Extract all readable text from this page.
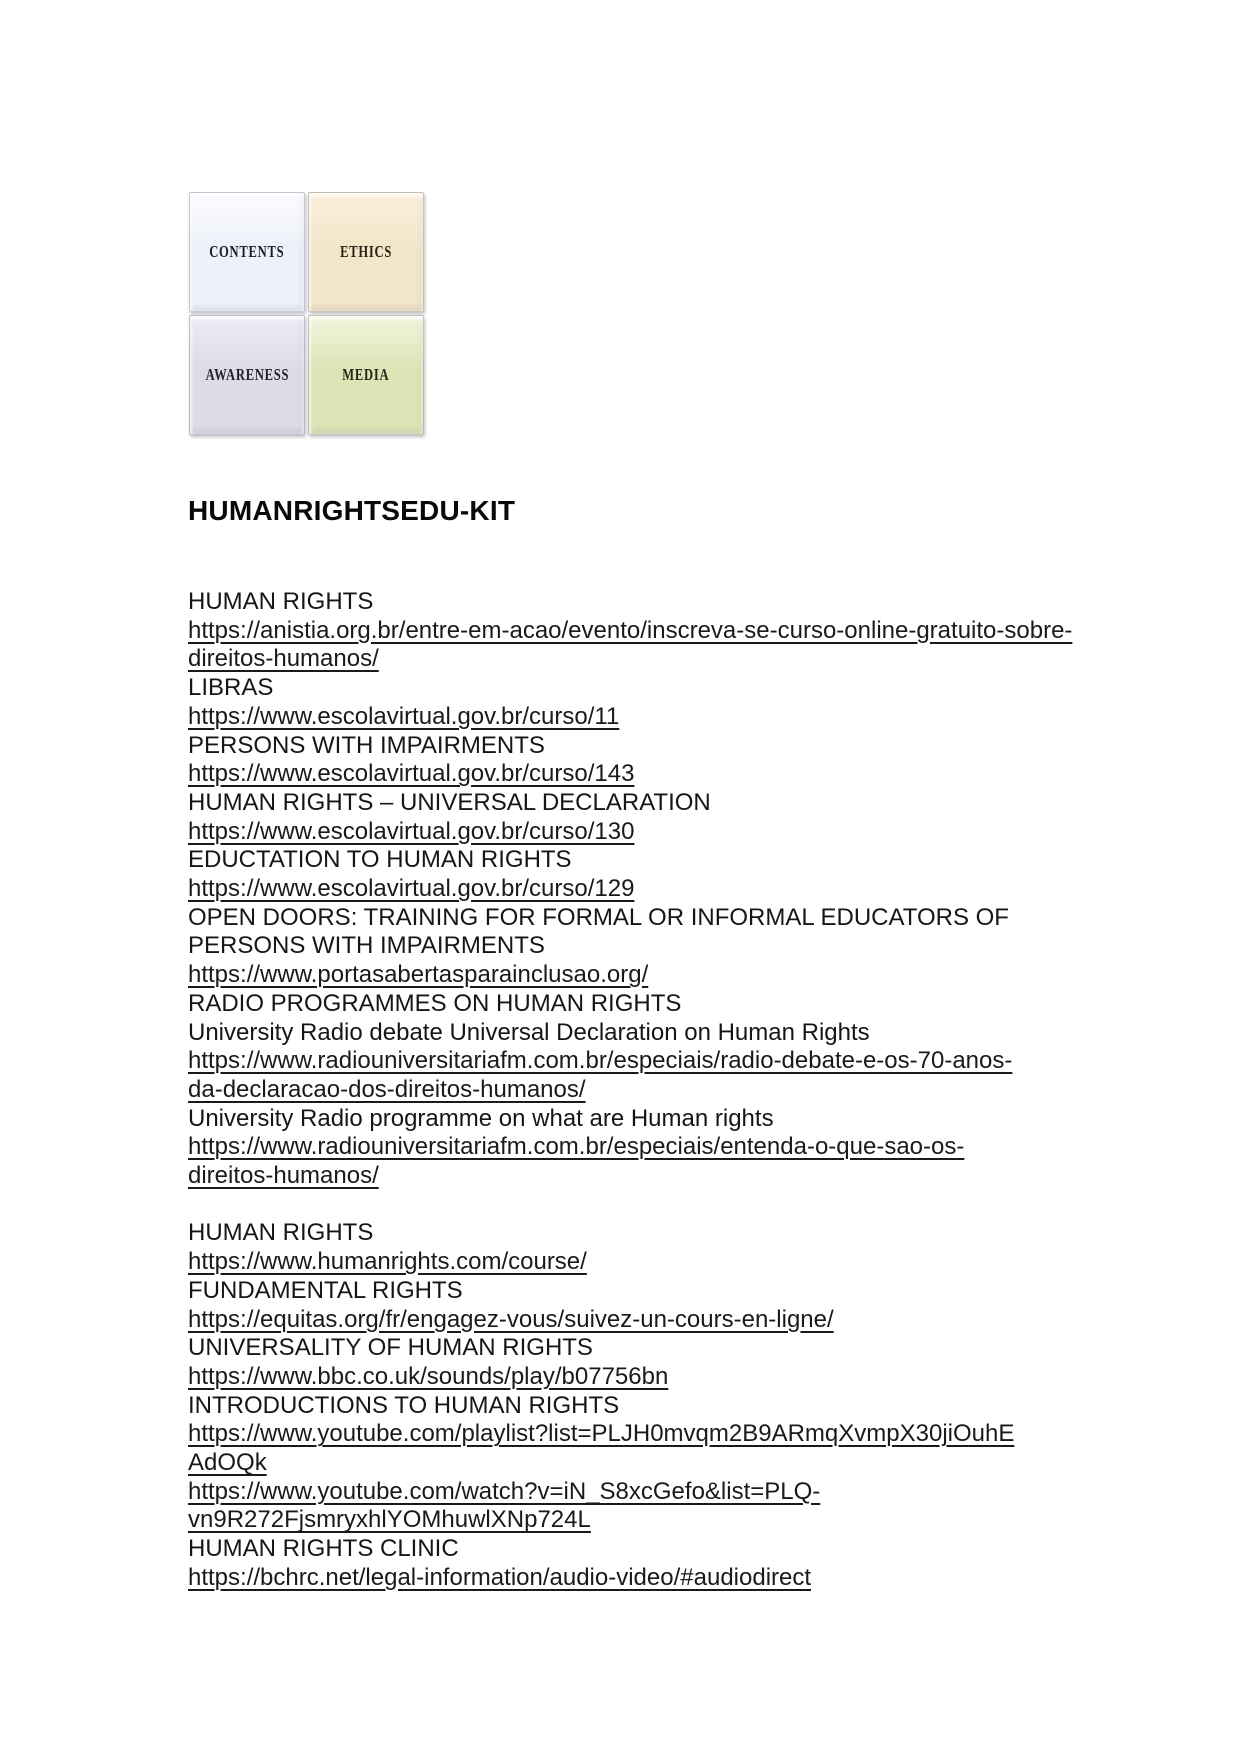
CONTENTS	ETHICS
AWARENESS	MEDIA
HUMANRIGHTSEDU-KIT
HUMAN RIGHTS
https://anistia.org.br/entre-em-acao/evento/inscreva-se-curso-online-gratuito-sobre-
direitos-humanos/
LIBRAS
https://www.escolavirtual.gov.br/curso/11
PERSONS WITH IMPAIRMENTS
https://www.escolavirtual.gov.br/curso/143
HUMAN RIGHTS – UNIVERSAL DECLARATION
https://www.escolavirtual.gov.br/curso/130
EDUCTATION TO HUMAN RIGHTS
https://www.escolavirtual.gov.br/curso/129
OPEN DOORS: TRAINING FOR FORMAL OR INFORMAL EDUCATORS OF
PERSONS WITH IMPAIRMENTS
https://www.portasabertasparainclusao.org/
RADIO PROGRAMMES ON HUMAN RIGHTS
University Radio debate Universal Declaration on Human Rights
https://www.radiouniversitariafm.com.br/especiais/radio-debate-e-os-70-anos-
da-declaracao-dos-direitos-humanos/
University Radio programme on what are Human rights
https://www.radiouniversitariafm.com.br/especiais/entenda-o-que-sao-os-
direitos-humanos/
HUMAN RIGHTS
https://www.humanrights.com/course/
FUNDAMENTAL RIGHTS
https://equitas.org/fr/engagez-vous/suivez-un-cours-en-ligne/
UNIVERSALITY OF HUMAN RIGHTS
https://www.bbc.co.uk/sounds/play/b07756bn
INTRODUCTIONS TO HUMAN RIGHTS
https://www.youtube.com/playlist?list=PLJH0mvqm2B9ARmqXvmpX30jiOuhE
AdOQk
https://www.youtube.com/watch?v=iN_S8xcGefo&list=PLQ-
vn9R272FjsmryxhlYOMhuwlXNp724L
HUMAN RIGHTS CLINIC
https://bchrc.net/legal-information/audio-video/#audiodirect
